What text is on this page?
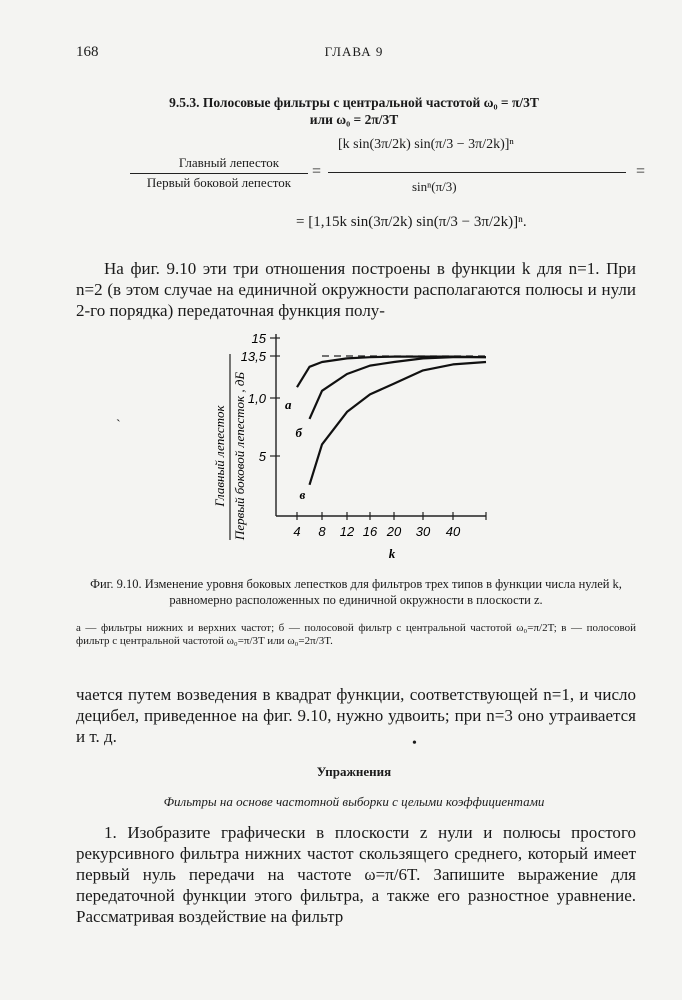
168	ГЛАВА 9
9.5.3. Полосовые фильтры с центральной частотой ω₀ = π/3T
или ω₀ = 2π/3T
Главный лепесток
Первый боковой лепесток
=
[k sin(3π/2k) sin(π/3 − 3π/2k)]ⁿ
sinⁿ(π/3)
=
= [1,15k sin(3π/2k) sin(π/3 − 3π/2k)]ⁿ.

На фиг. 9.10 эти три отношения построены в функции k для n=1. При n=2 (в этом случае на единичной окружности располагаются полюсы и нули 2-го порядка) передаточная функция полу-

ˋ	Главный лепесток Первый боковой лепесток , дБ 5
1,0
13,5
15
4 8 12 16 20 30 40
а
б
в
k
Фиг. 9.10. Изменение уровня боковых лепестков для фильтров трех типов в функции числа нулей k, равномерно расположенных по единичной окружности в плоскости z.
а — фильтры нижних и верхних частот; б — полосовой фильтр с центральной частотой ω₀=π/2T; в — полосовой фильтр с центральной частотой ω₀=π/3T или ω₀=2π/3T.

чается путем возведения в квадрат функции, соответствующей n=1, и число децибел, приведенное на фиг. 9.10, нужно удвоить; при n=3 оно утраивается и т. д.	•
Упражнения
Фильтры на основе частотной выборки с целыми коэффициентами

1. Изобразите графически в плоскости z нули и полюсы простого рекурсивного фильтра нижних частот скользящего среднего, который имеет первый нуль передачи на частоте ω=π/6T. Запишите выражение для передаточной функции этого фильтра, а также его разностное уравнение. Рассматривая воздействие на фильтр
